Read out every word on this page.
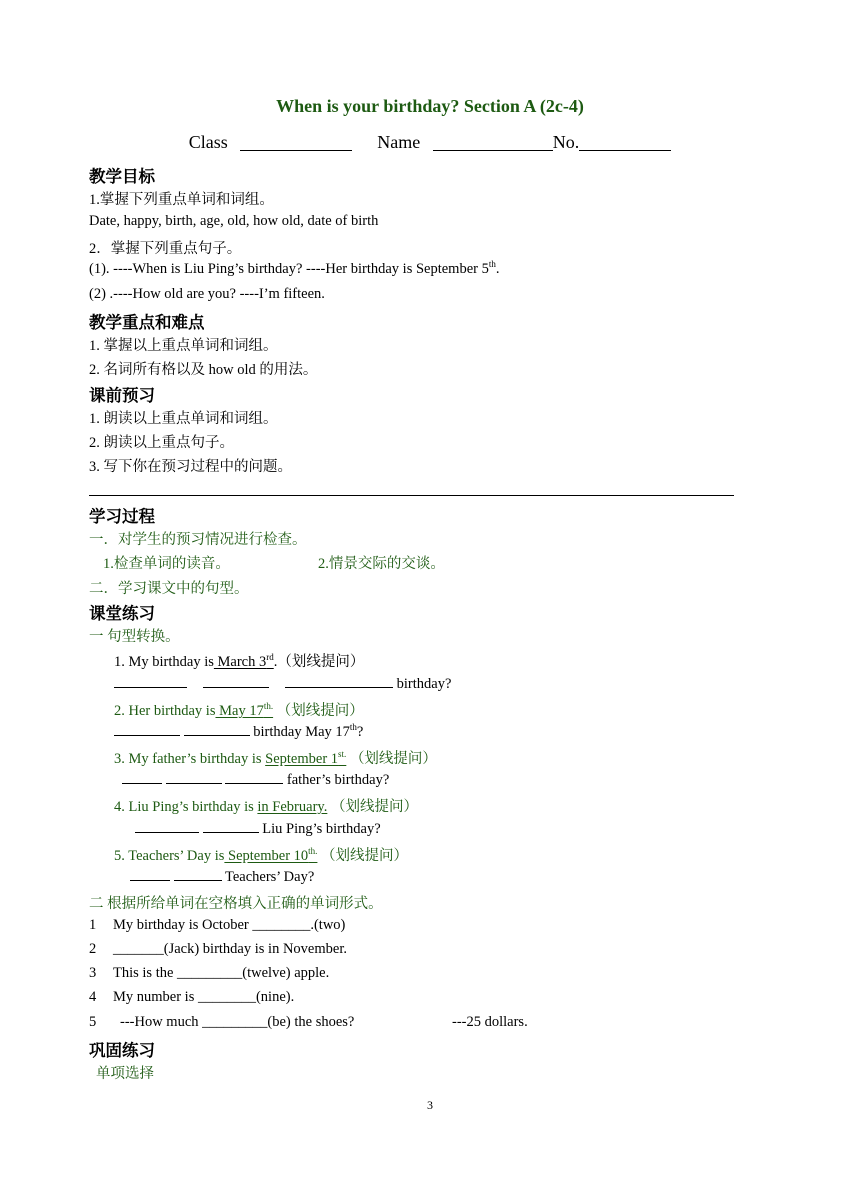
When is your birthday? Section A (2c-4)
Class	Name	No.
教学目标
1.掌握下列重点单词和词组。
Date, happy, birth, age, old, how old, date of birth
2．掌握下列重点句子。
(1). ----When is Liu Ping’s birthday? ----Her birthday is September 5th.
(2) .----How old are you? ----I’m fifteen.
教学重点和难点
1. 掌握以上重点单词和词组。
2. 名词所有格以及 how old 的用法。
课前预习
1. 朗读以上重点单词和词组。
2. 朗读以上重点句子。
3. 写下你在预习过程中的问题。
学习过程
一．对学生的预习情况进行检查。
1.检查单词的读音。	2.情景交际的交谈。
二．学习课文中的句型。
课堂练习
一 句型转换。
1. My birthday is March 3rd.（划线提问）
birthday?
2. Her birthday is May $17^{th.}$ （划线提问）
birthday May 17th?
3. My father’s birthday is September $1^{st.}$ （划线提问）
father’s birthday?
4. Liu Ping’s birthday is in February. （划线提问）
Liu Ping’s birthday?
5. Teachers’ Day is September $10^{th.}$ （划线提问）
Teachers’ Day?
二 根据所给单词在空格填入正确的单词形式。
1 My birthday is October ________.(two)
2 _______(Jack) birthday is in November.
3 This is the _________(twelve) apple.
4 My number is ________(nine).
5 ---How much _________(be) the shoes?	---25 dollars.
巩固练习
单项选择
3
